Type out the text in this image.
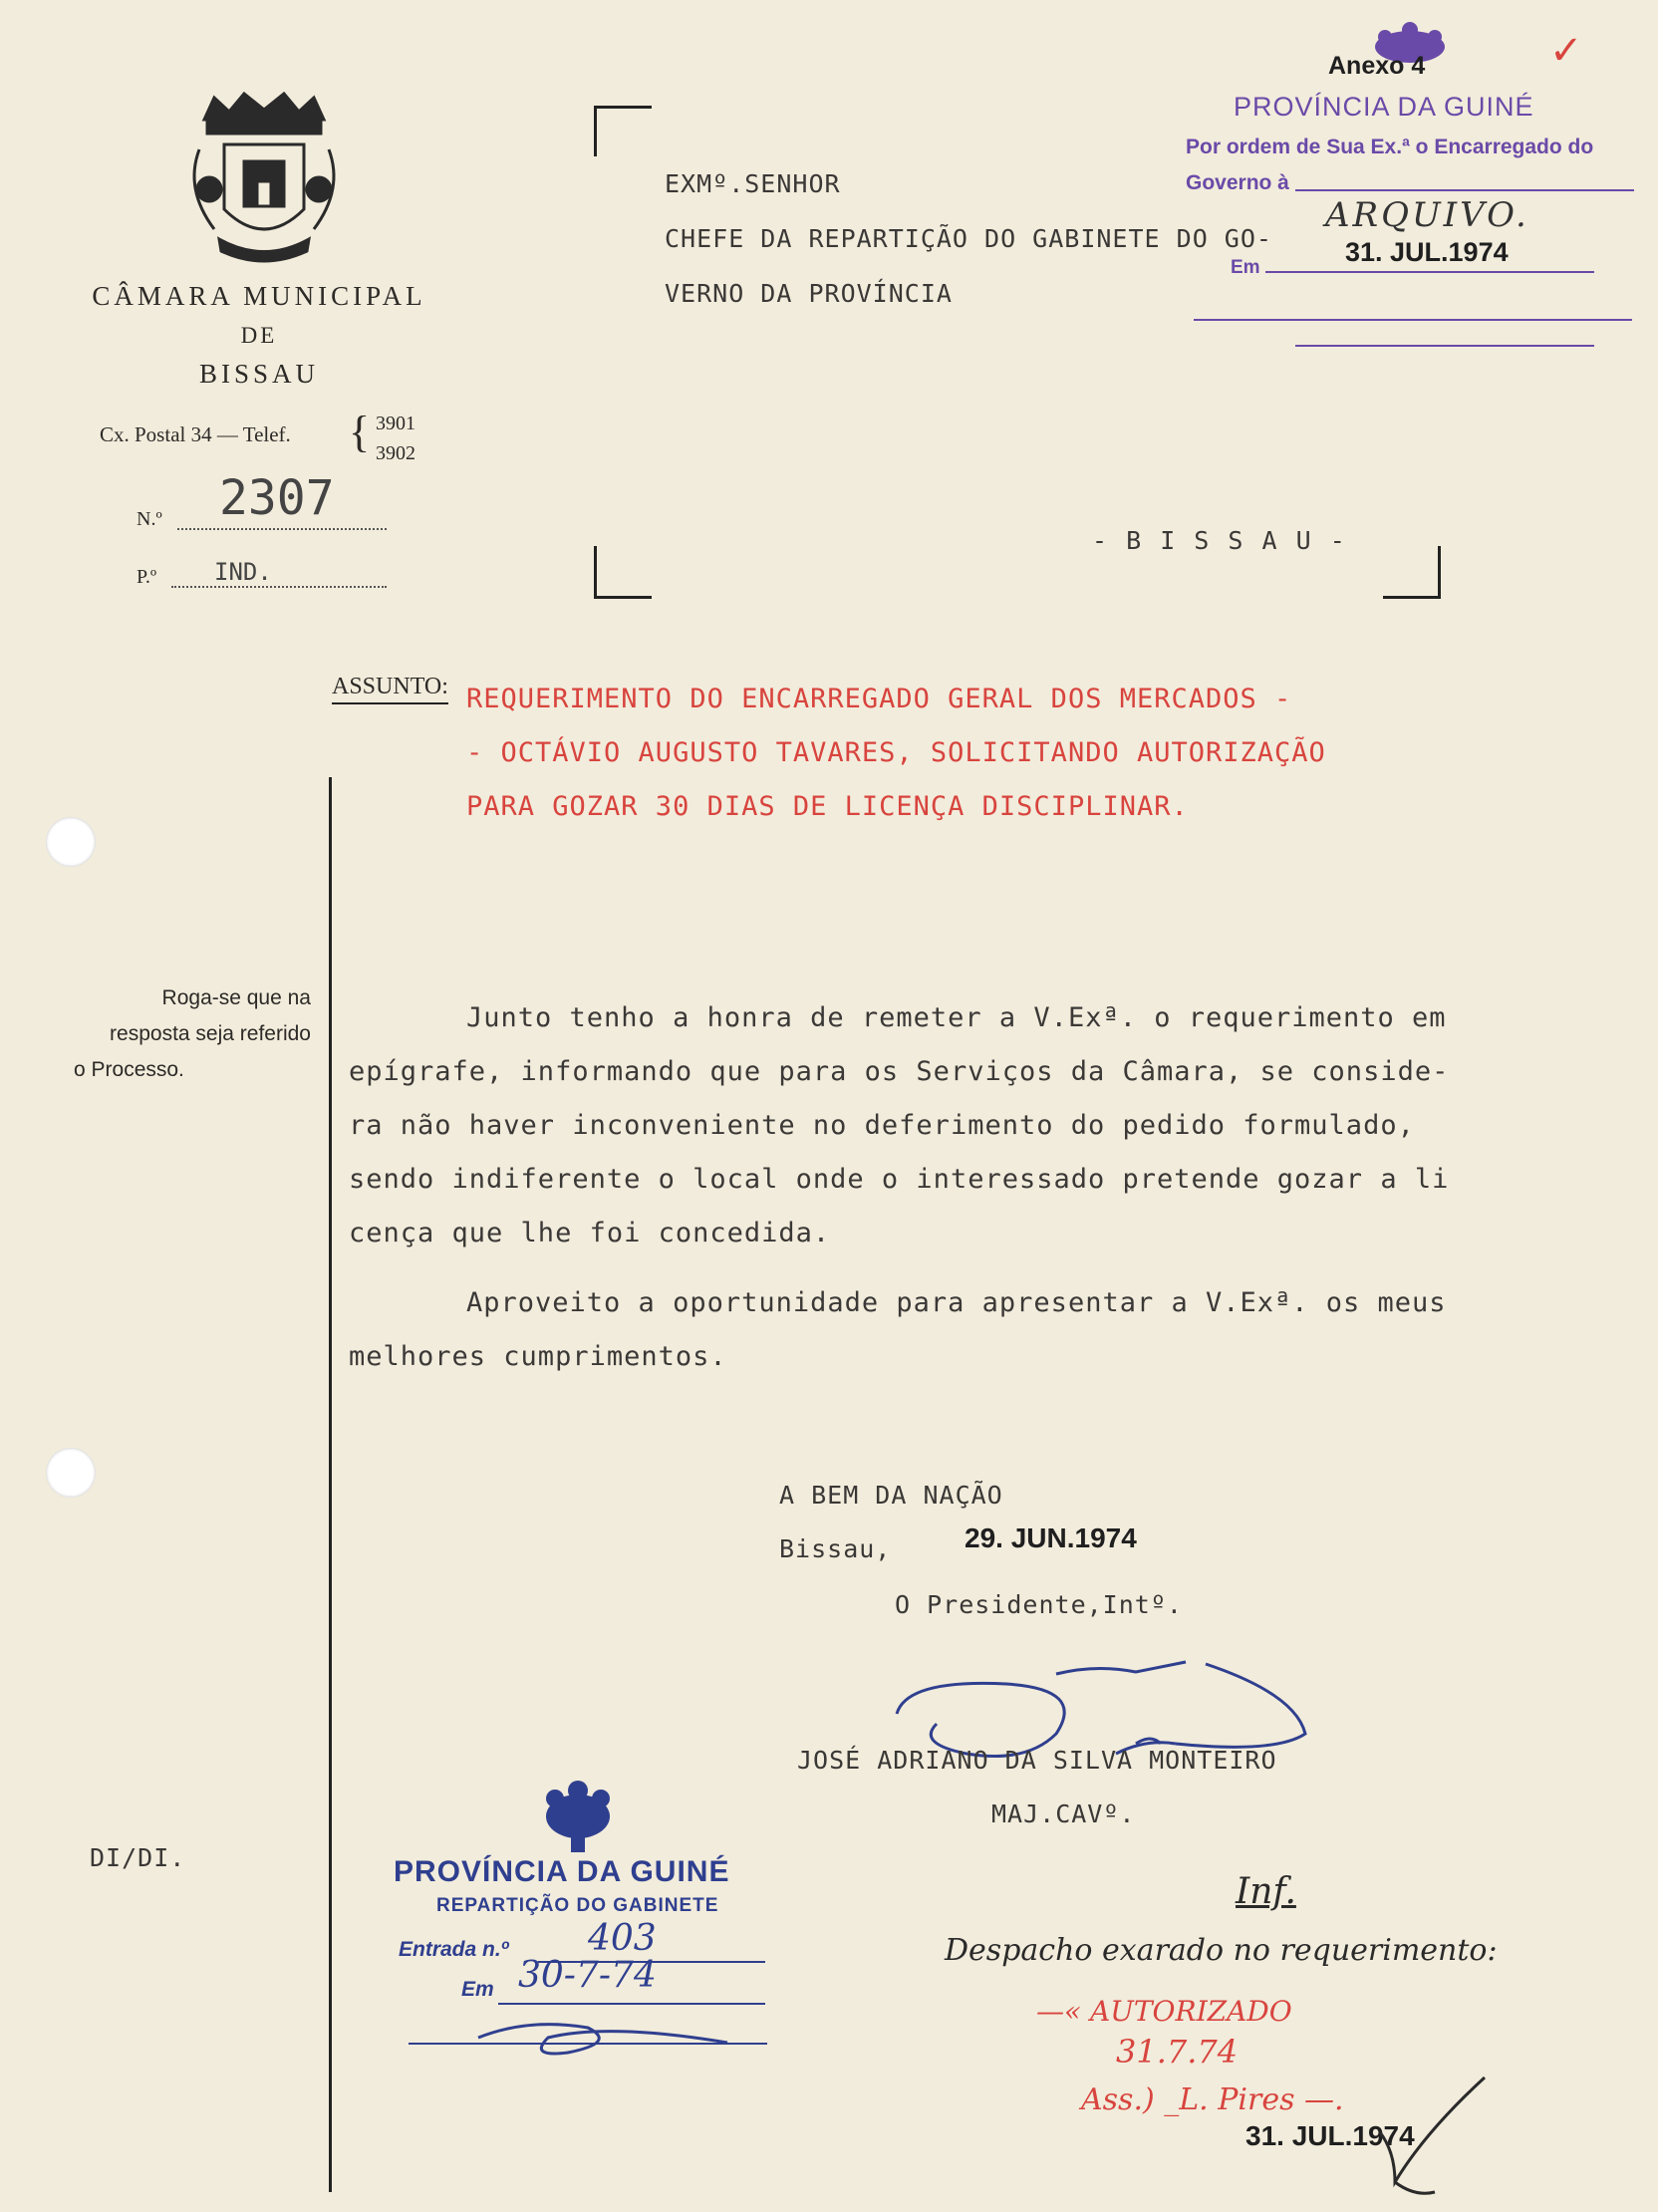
CÂMARA MUNICIPAL
DE
BISSAU
Cx. Postal 34 — Telef. { 3901
3902
N.º 2307
P.º IND.
EXMº.SENHOR
CHEFE DA REPARTIÇÃO DO GABINETE DO GO-
VERNO DA PROVÍNCIA
- B I S S A U -
Anexo 4	✓
PROVÍNCIA DA GUINÉ
Por ordem de Sua Ex.ª o Encarregado do
Governo à
ARQUIVO.
Em
31. JUL.1974
ASSUNTO: REQUERIMENTO DO ENCARREGADO GERAL DOS MERCADOS -
- OCTÁVIO AUGUSTO TAVARES, SOLICITANDO AUTORIZAÇÃO
PARA GOZAR 30 DIAS DE LICENÇA DISCIPLINAR.
Roga-se que na
resposta seja referido
o Processo.
Junto tenho a honra de remeter a V.Exª. o requerimento em
epígrafe, informando que para os Serviços da Câmara, se conside-
ra não haver inconveniente no deferimento do pedido formulado,
sendo indiferente o local onde o interessado pretende gozar a li
cença que lhe foi concedida.
Aproveito a oportunidade para apresentar a V.Exª. os meus
melhores cumprimentos.
A BEM DA NAÇÃO
Bissau,	29. JUN.1974
O Presidente,Intº.
JOSÉ ADRIANO DA SILVA MONTEIRO
MAJ.CAVº.
DI/DI.	PROVÍNCIA DA GUINÉ
REPARTIÇÃO DO GABINETE
Entrada n.º 403
Em 30-7-74
Inf.
Despacho exarado no requerimento:
—« AUTORIZADO
31.7.74
Ass.) _L. Pires —.
31. JUL.1974
